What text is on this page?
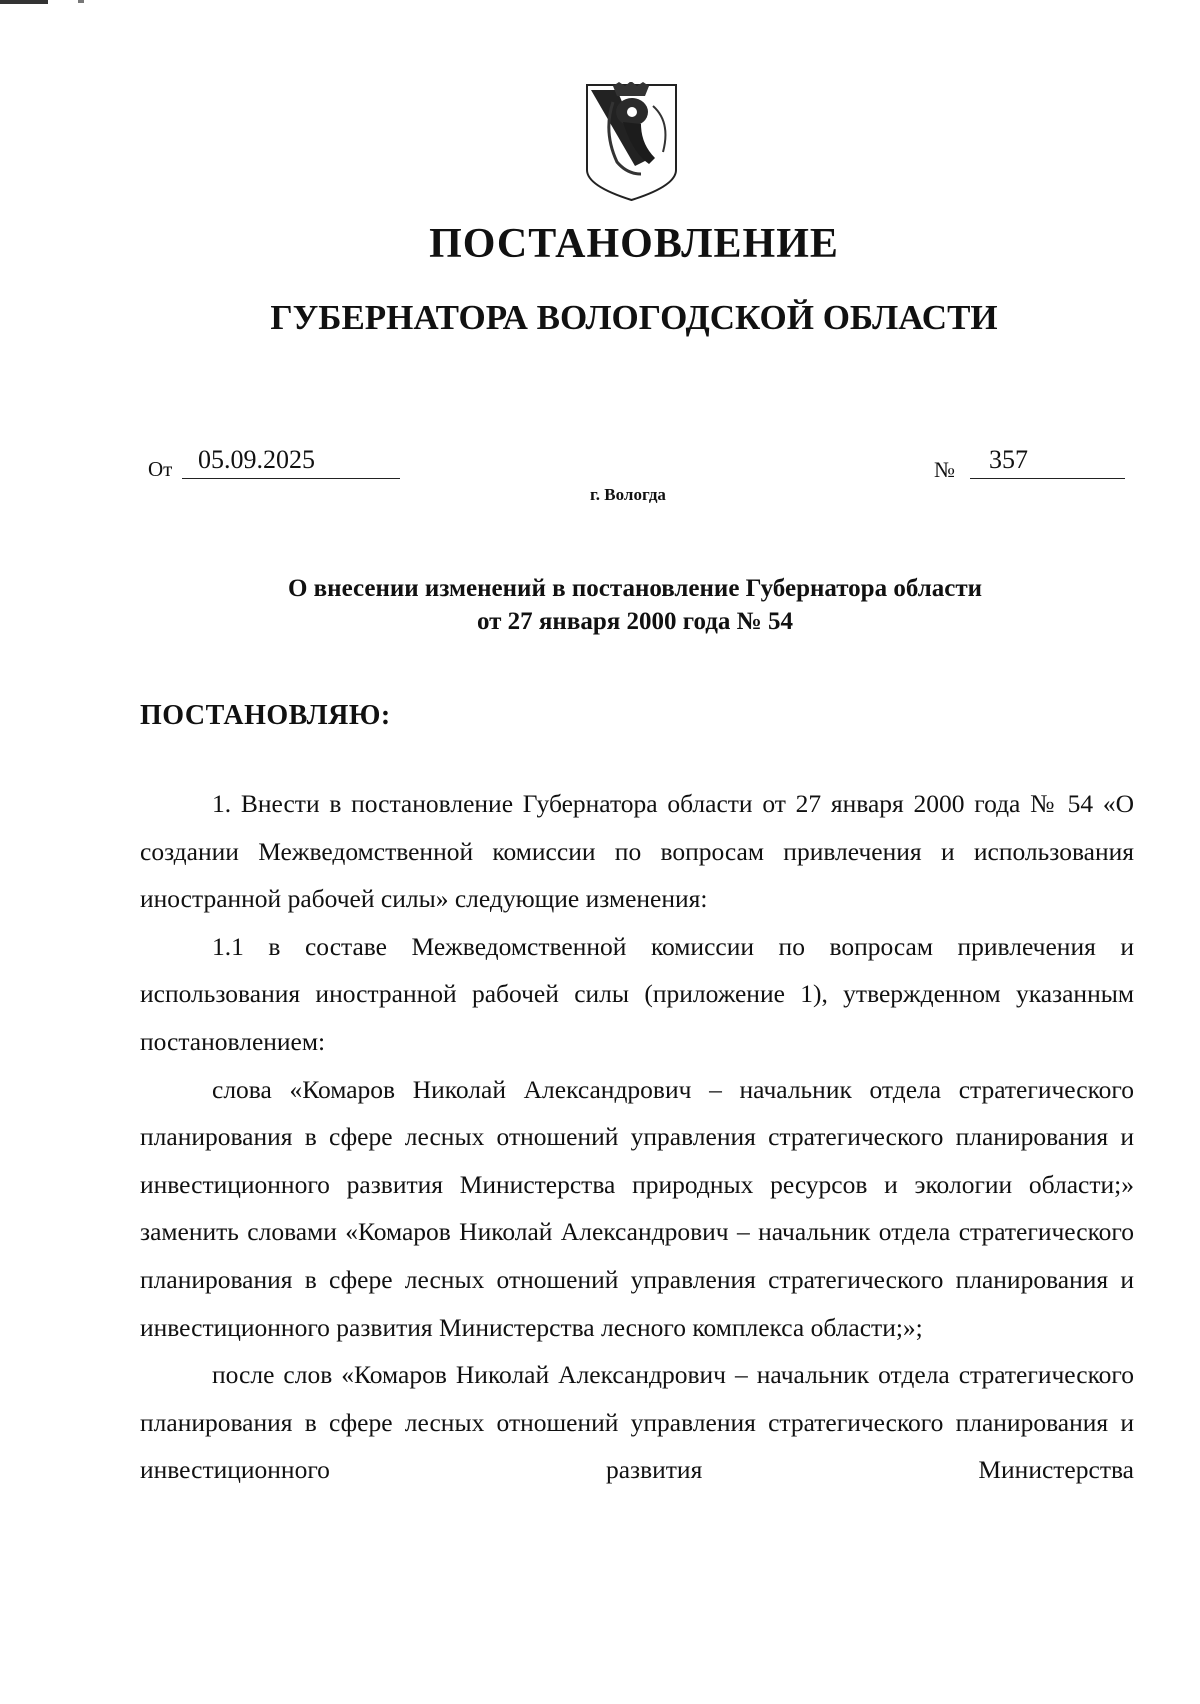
ПОСТАНОВЛЕНИЕ
ГУБЕРНАТОРА ВОЛОГОДСКОЙ ОБЛАСТИ
От 05.09.2025	№ 357
г. Вологда
О внесении изменений в постановление Губернатора области
от 27 января 2000 года № 54
ПОСТАНОВЛЯЮ:

1. Внести в постановление Губернатора области от 27 января 2000 года № 54 «О создании Межведомственной комиссии по вопросам привлечения и использования иностранной рабочей силы» следующие изменения:

1.1 в составе Межведомственной комиссии по вопросам привлечения и использования иностранной рабочей силы (приложение 1), утвержденном указанным постановлением:

слова «Комаров Николай Александрович – начальник отдела стратегического планирования в сфере лесных отношений управления стратегического планирования и инвестиционного развития Министерства природных ресурсов и экологии области;» заменить словами «Комаров Николай Александрович – начальник отдела стратегического планирования в сфере лесных отношений управления стратегического планирования и инвестиционного развития Министерства лесного комплекса области;»;

после слов «Комаров Николай Александрович – начальник отдела стратегического планирования в сфере лесных отношений управления стратегического планирования и инвестиционного развития Министерства
